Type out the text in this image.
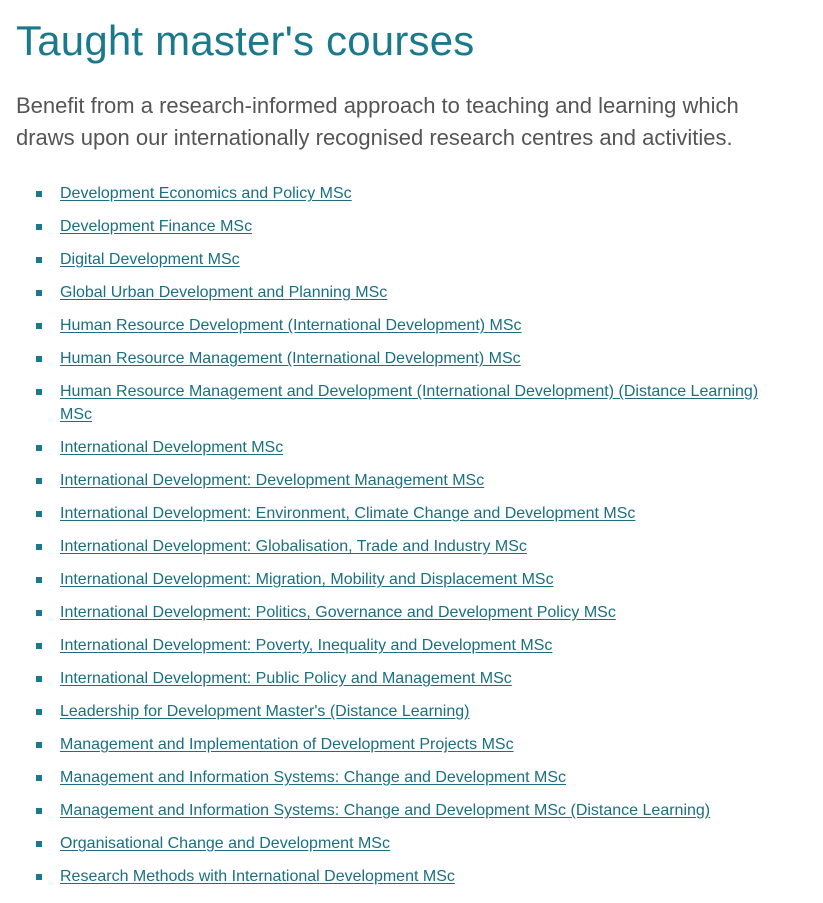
Taught master's courses

Benefit from a research-informed approach to teaching and learning which draws upon our internationally recognised research centres and activities.

Development Economics and Policy MSc
Development Finance MSc
Digital Development MSc
Global Urban Development and Planning MSc
Human Resource Development (International Development) MSc
Human Resource Management (International Development) MSc
Human Resource Management and Development (International Development) (Distance Learning) MSc
International Development MSc
International Development: Development Management MSc
International Development: Environment, Climate Change and Development MSc
International Development: Globalisation, Trade and Industry MSc
International Development: Migration, Mobility and Displacement MSc
International Development: Politics, Governance and Development Policy MSc
International Development: Poverty, Inequality and Development MSc
International Development: Public Policy and Management MSc
Leadership for Development Master's (Distance Learning)
Management and Implementation of Development Projects MSc
Management and Information Systems: Change and Development MSc
Management and Information Systems: Change and Development MSc (Distance Learning)
Organisational Change and Development MSc
Research Methods with International Development MSc
